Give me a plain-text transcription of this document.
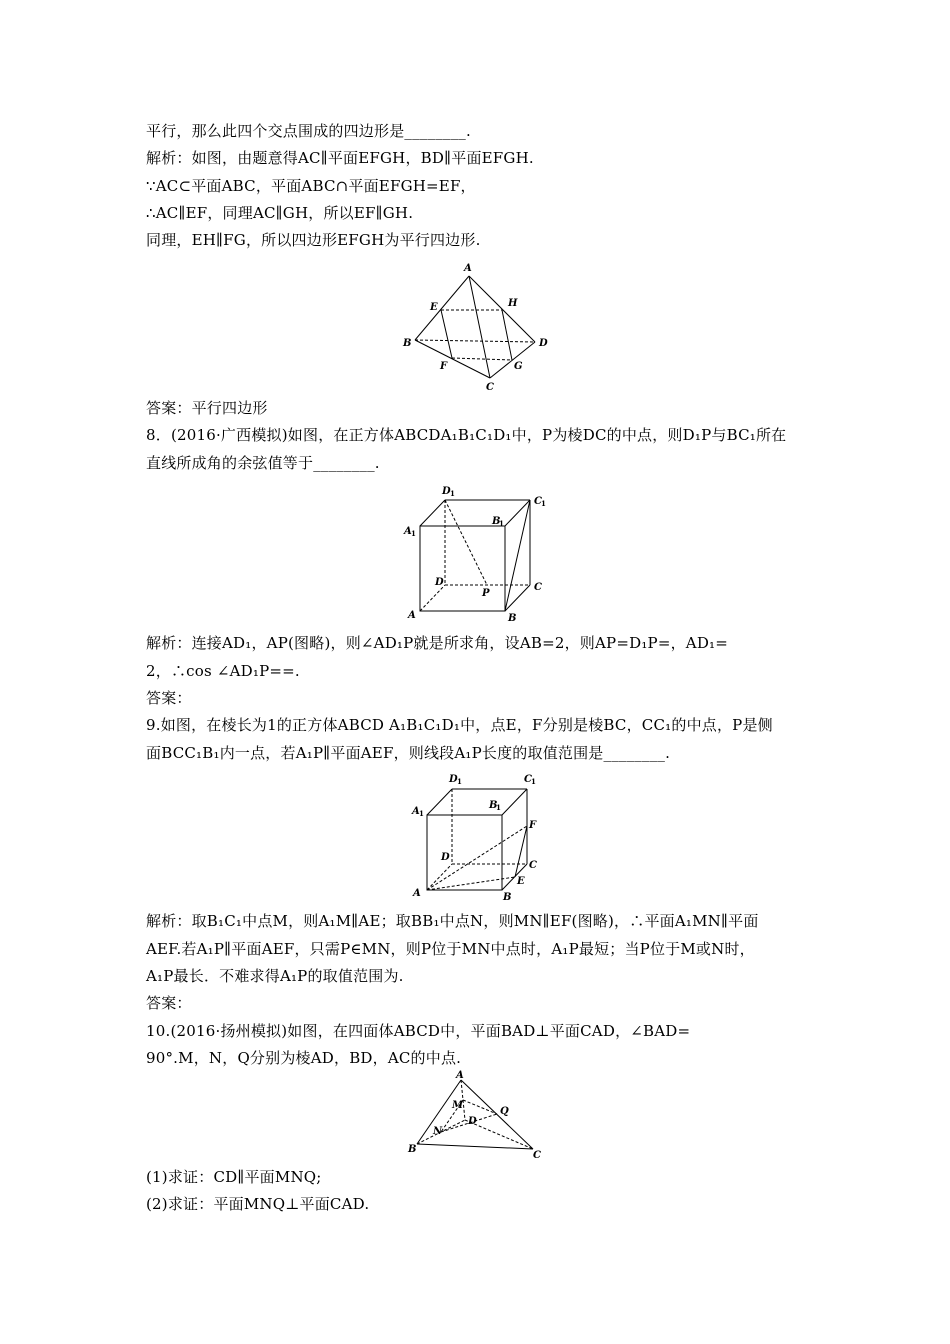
平行，那么此四个交点围成的四边形是________.
解析：如图，由题意得AC∥平面EFGH，BD∥平面EFGH.
∵AC⊂平面ABC，平面ABC∩平面EFGH=EF，
∴AC∥EF，同理AC∥GH，所以EF∥GH.
同理，EH∥FG，所以四边形EFGH为平行四边形.
A
B
C
D
E
F	G
H
答案：平行四边形
8．(2016·广西模拟)如图，在正方体ABCDA₁B₁C₁D₁中，P为棱DC的中点，则D₁P与BC₁所在
直线所成角的余弦值等于________.
D 1
C 1
A 1
B
1
D	C
P
A	B
解析：连接AD₁，AP(图略)，则∠AD₁P就是所求角，设AB=2，则AP=D₁P=，AD₁=
2，∴cos ∠AD₁P==.
答案：
9.如图，在棱长为1的正方体ABCD A₁B₁C₁D₁中，点E，F分别是棱BC，CC₁的中点，P是侧
面BCC₁B₁内一点，若A₁P∥平面AEF，则线段A₁P长度的取值范围是________.
D 1	C 1
A 1
B
1
F
D
C
E
A	B
解析：取B₁C₁中点M，则A₁M∥AE；取BB₁中点N，则MN∥EF(图略)，∴平面A₁MN∥平面
AEF.若A₁P∥平面AEF，只需P∈MN，则P位于MN中点时，A₁P最短；当P位于M或N时，
A₁P最长．不难求得A₁P的取值范围为.
答案：
10.(2016·扬州模拟)如图，在四面体ABCD中，平面BAD⊥平面CAD，∠BAD=
90°.M，N，Q分别为棱AD，BD，AC的中点.
A
M
Q
D
N
B
C
(1)求证：CD∥平面MNQ;
(2)求证：平面MNQ⊥平面CAD.
